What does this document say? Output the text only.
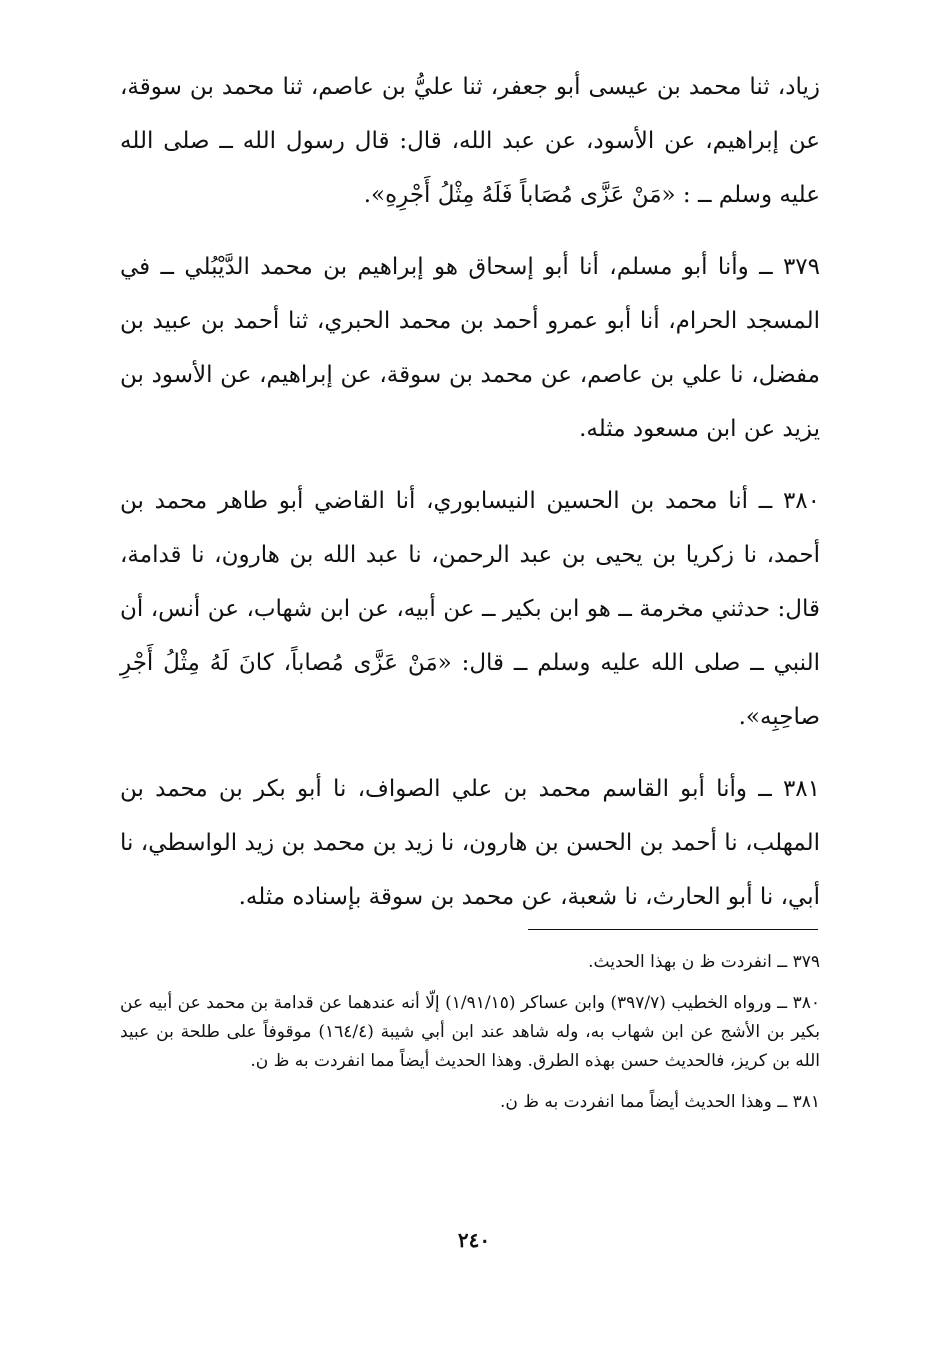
زياد، ثنا محمد بن عيسى أبو جعفر، ثنا عليُّ بن عاصم، ثنا محمد بن سوقة، عن إبراهيم، عن الأسود، عن عبد الله، قال: قال رسول الله ــ صلى الله عليه وسلم ــ : «مَنْ عَزَّى مُصَاباً فَلَهُ مِثْلُ أَجْرِهِ».

٣٧٩ ــ وأنا أبو مسلم، أنا أبو إسحاق هو إبراهيم بن محمد الدَّيْبُلي ــ في المسجد الحرام، أنا أبو عمرو أحمد بن محمد الحبري، ثنا أحمد بن عبيد بن مفضل، نا علي بن عاصم، عن محمد بن سوقة، عن إبراهيم، عن الأسود بن يزيد عن ابن مسعود مثله.

٣٨٠ ــ أنا محمد بن الحسين النيسابوري، أنا القاضي أبو طاهر محمد بن أحمد، نا زكريا بن يحيى بن عبد الرحمن، نا عبد الله بن هارون، نا قدامة، قال: حدثني مخرمة ــ هو ابن بكير ــ عن أبيه، عن ابن شهاب، عن أنس، أن النبي ــ صلى الله عليه وسلم ــ قال: «مَنْ عَزَّى مُصاباً، كانَ لَهُ مِثْلُ أَجْرِ صاحِبِه».

٣٨١ ــ وأنا أبو القاسم محمد بن علي الصواف، نا أبو بكر بن محمد بن المهلب، نا أحمد بن الحسن بن هارون، نا زيد بن محمد بن زيد الواسطي، نا أبي، نا أبو الحارث، نا شعبة، عن محمد بن سوقة بإسناده مثله.

٣٧٩ ــ انفردت ظ ن بهذا الحديث.

٣٨٠ ــ ورواه الخطيب (٣٩٧/٧) وابن عساكر (١/٩١/١٥) إلّا أنه عندهما عن قدامة بن محمد عن أبيه عن بكير بن الأشج عن ابن شهاب به، وله شاهد عند ابن أبي شيبة (١٦٤/٤) موقوفاً على طلحة بن عبيد الله بن كريز، فالحديث حسن بهذه الطرق. وهذا الحديث أيضاً مما انفردت به ظ ن.

٣٨١ ــ وهذا الحديث أيضاً مما انفردت به ظ ن.

٢٤٠
